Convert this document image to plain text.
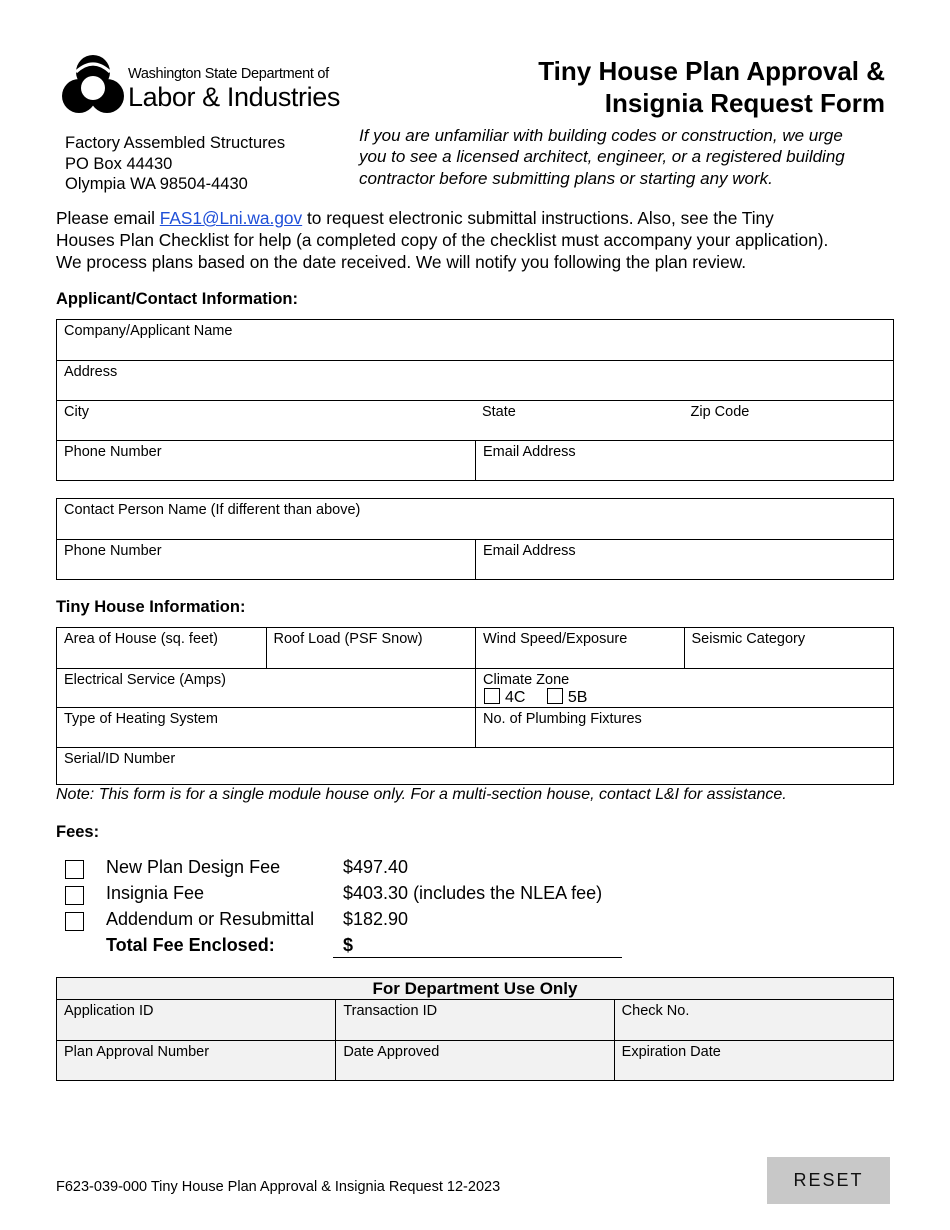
Washington State Department of
Labor & Industries
Tiny House Plan Approval &
Insignia Request Form
Factory Assembled Structures
PO Box 44430
Olympia WA 98504-4430
If you are unfamiliar with building codes or construction, we urge
you to see a licensed architect, engineer, or a registered building
contractor before submitting plans or starting any work.
Please email FAS1@Lni.wa.gov to request electronic submittal instructions. Also, see the Tiny
Houses Plan Checklist for help (a completed copy of the checklist must accompany your application).
We process plans based on the date received. We will notify you following the plan review.
Applicant/Contact Information:
Company/Applicant Name
Address
City	State	Zip Code
Phone Number	Email Address
Contact Person Name (If different than above)
Phone Number	Email Address
Tiny House Information:
Area of House (sq. feet)	Roof Load (PSF Snow)	Wind Speed/Exposure	Seismic Category
Electrical Service (Amps)	Climate Zone
4C	5B
Type of Heating System	No. of Plumbing Fixtures
Serial/ID Number
Note: This form is for a single module house only. For a multi-section house, contact L&I for assistance.
Fees:
New Plan Design Fee	$497.40
Insignia Fee	$403.30 (includes the NLEA fee)
Addendum or Resubmittal $182.90
Total Fee Enclosed:	$
For Department Use Only
Application ID	Transaction ID	Check No.
Plan Approval Number	Date Approved	Expiration Date
F623-039-000 Tiny House Plan Approval & Insignia Request 12-2023	RESET
